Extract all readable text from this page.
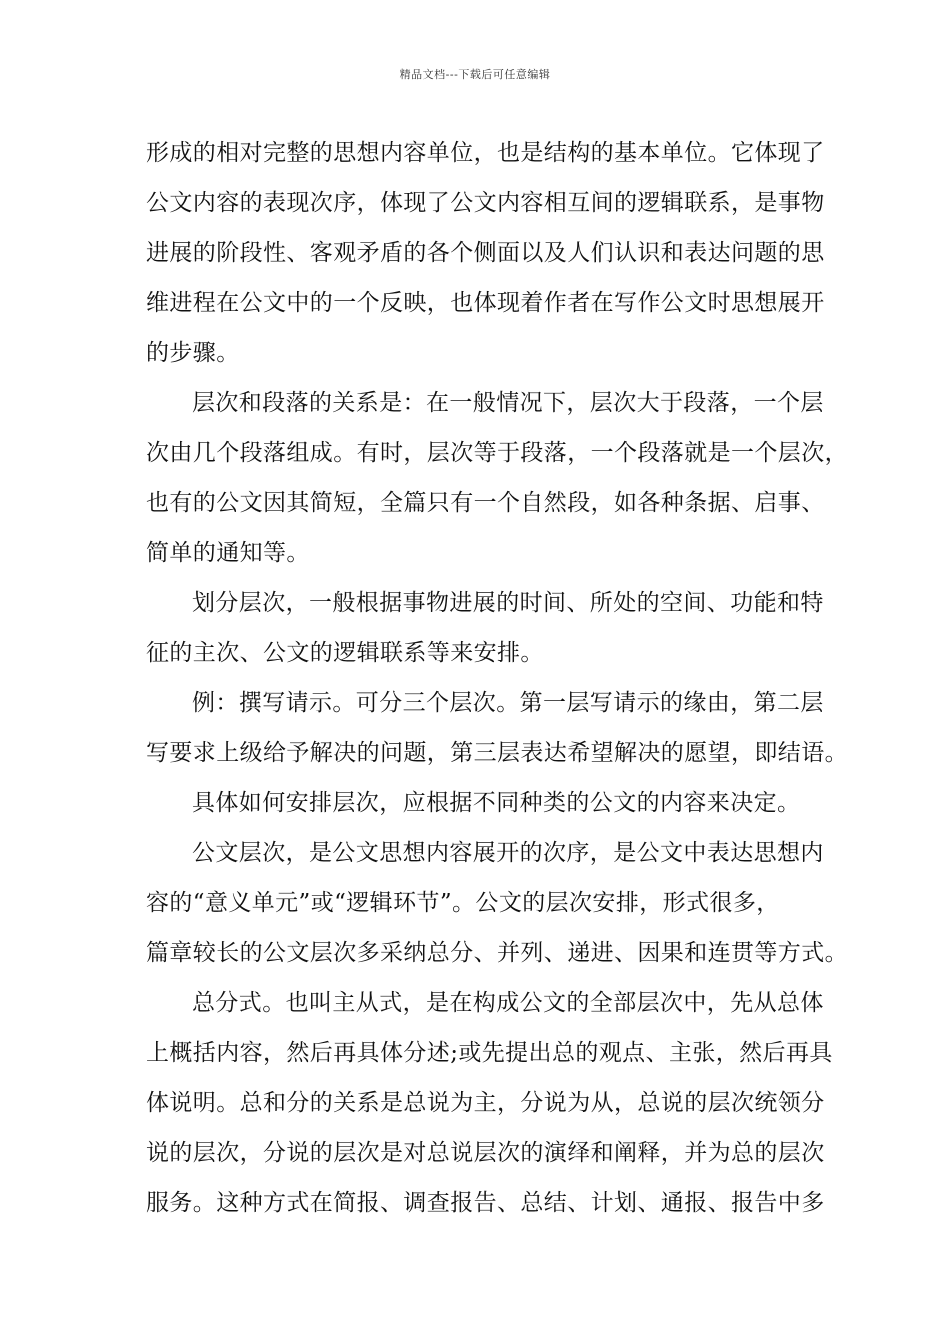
精品文档---下载后可任意编辑
形成的相对完整的思想内容单位，也是结构的基本单位。它体现了
公文内容的表现次序，体现了公文内容相互间的逻辑联系，是事物
进展的阶段性、客观矛盾的各个侧面以及人们认识和表达问题的思
维进程在公文中的一个反映，也体现着作者在写作公文时思想展开
的步骤。
层次和段落的关系是：在一般情况下，层次大于段落，一个层
次由几个段落组成。有时，层次等于段落，一个段落就是一个层次，
也有的公文因其简短，全篇只有一个自然段，如各种条据、启事、
简单的通知等。
划分层次，一般根据事物进展的时间、所处的空间、功能和特
征的主次、公文的逻辑联系等来安排。
例：撰写请示。可分三个层次。第一层写请示的缘由，第二层
写要求上级给予解决的问题，第三层表达希望解决的愿望，即结语。
具体如何安排层次，应根据不同种类的公文的内容来决定。
公文层次，是公文思想内容展开的次序，是公文中表达思想内
容的“意义单元”或“逻辑环节”。公文的层次安排，形式很多，
篇章较长的公文层次多采纳总分、并列、递进、因果和连贯等方式。
总分式。也叫主从式，是在构成公文的全部层次中，先从总体
上概括内容，然后再具体分述;或先提出总的观点、主张，然后再具
体说明。总和分的关系是总说为主，分说为从，总说的层次统领分
说的层次，分说的层次是对总说层次的演绎和阐释，并为总的层次
服务。这种方式在简报、调查报告、总结、计划、通报、报告中多
